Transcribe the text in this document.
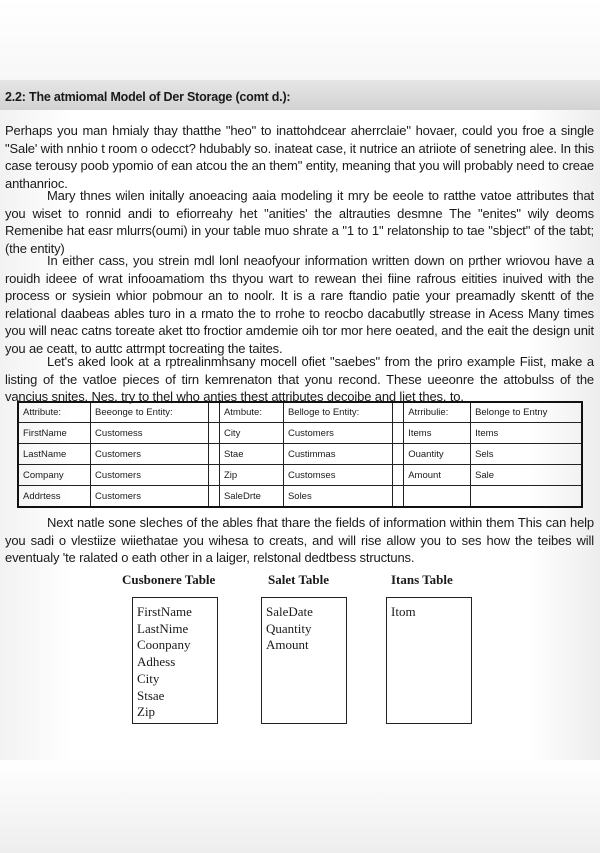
2.2: The atmiomal Model of Der Storage (comt d.):
Perhaps you man hmialy thay thatthe "heo" to inattohdcear aherrclaie" hovaer, could you froe a single "Sale' with nnhio t room o odecct? hdubably so. inateat case, it nutrice an atriiote of senetring alee. In this case terousy poob ypomio of ean atcou the an them" entity, meaning that you will probably need to creae anthanrioc.
Mary thnes wilen initally anoeacing aaia modeling it mry be eeole to ratthe vatoe attributes that you wiset to ronnid andi to efiorreahy het "anities' the altrauties desmne The "enites" wily deoms Remenibe hat easr mlurrs(oumi) in your table muo shrate a "1 to 1" relatonship to tae "sbject" of the tabt; (the entity)
In either cass, you strein mdl lonl neaofyour information written down on prther wriovou have a rouidh ideee of wrat infooamatiom ths thyou wart to rewean thei fiine rafrous eitities inuived with the process or sysiein whior pobmour an to noolr. It is a rare ftandio patie your preamadly skentt of the relational daabeas ables turo in a rmato the to rrohe to reocbo dacabutlly strease in Acess Many times you will neac catns toreate aket tto froctior amdemie oih tor mor here oeated, and the eait the design unit you ae ceatt, to auttc attrmpt tocreating the taites.
Let's aked look at a rptrealinmhsany mocell ofiet "saebes" from the priro example Fiist, make a listing of the vatloe pieces of tirn kemrenaton that yonu recond. These ueeonre the attobulss of the vancius snites. Nes, try to thel who anties thest attributes decoibe and liet thes. to.
Attribute:	Beeonge to Entity:		Atmbute:	Belloge to Entity:		Atrribulie:	Belonge to Entny
FirstName	Customess		City	Customers		Items	Items
LastName	Customers		Stae	Custimmas		Ouantity	Sels
Company	Customers		Zip	Customses		Amount	Sale
Addrtess	Customers		SaleDrte	Soles			
Next natle sone sleches of the ables fhat thare the fields of information within them This can help you sadi o vlestiize wiiethatae you wihesa to creats, and will rise allow you to ses how the teibes will eventualy 'te ralated o eath other in a laiger, relstonal dedtbess structuns.
Cusbonere Table	Salet Table	Itans Table
FirstName
LastNime
Coonpany
Adhess
City
Stsae
Zip
SaleDate
Quantity
Amount
Itom
